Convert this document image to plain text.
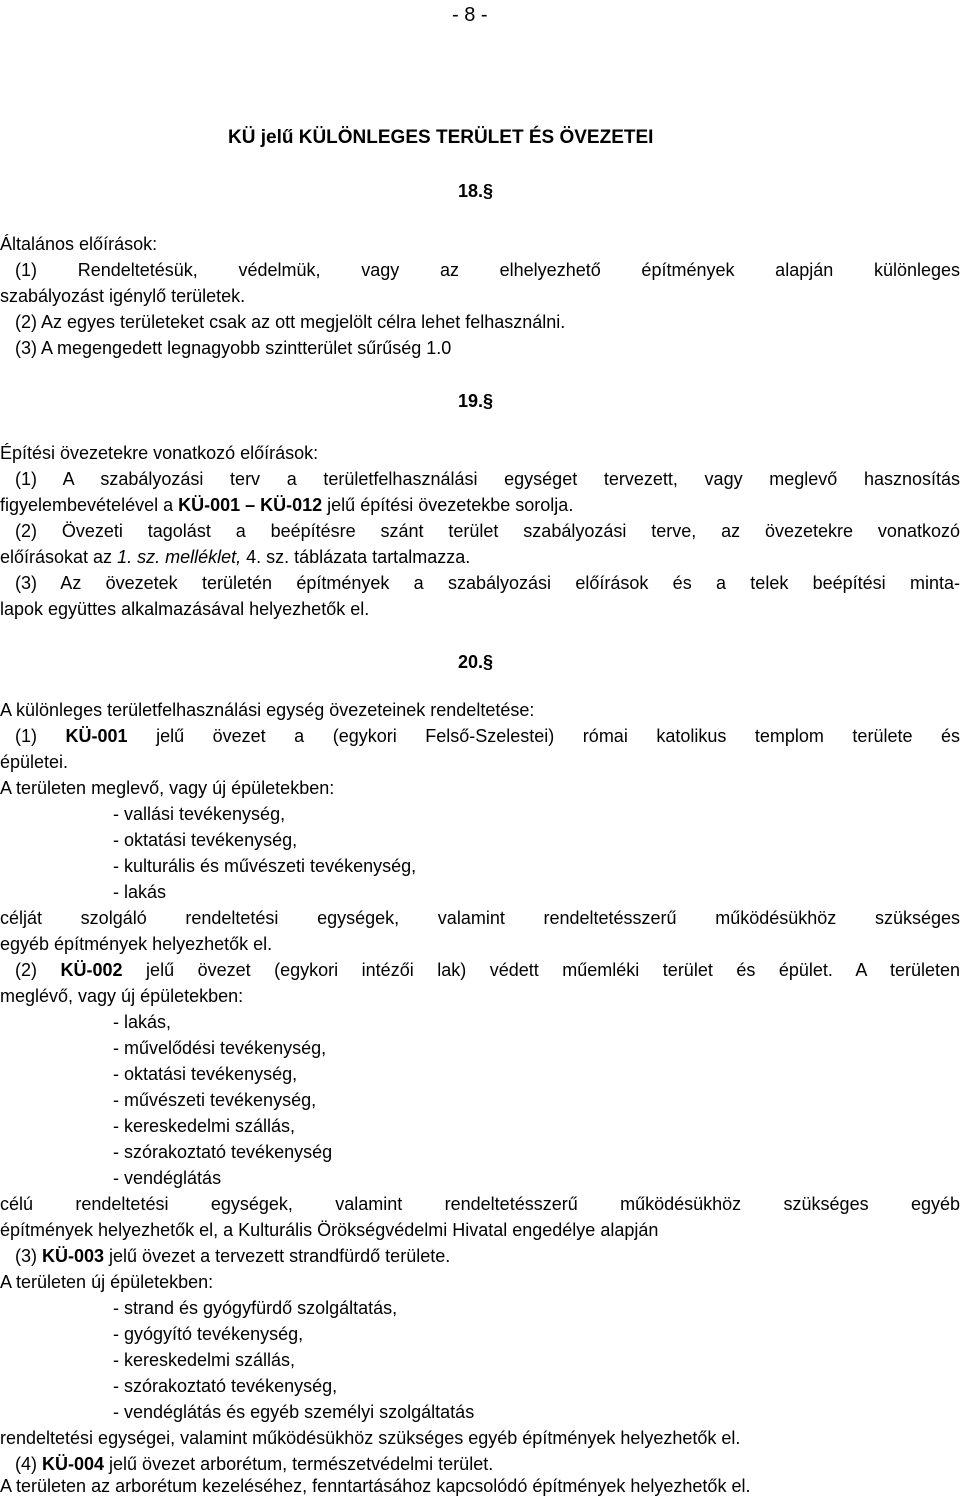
- 8 -
KÜ jelű KÜLÖNLEGES TERÜLET ÉS ÖVEZETEI
18.§
Általános előírások:
(1) Rendeltetésük, védelmük, vagy az elhelyezhető építmények alapján különleges
szabályozást igénylő területek.
(2) Az egyes területeket csak az ott megjelölt célra lehet felhasználni.
(3) A megengedett legnagyobb szintterület sűrűség 1.0
19.§
Építési övezetekre vonatkozó előírások:
(1) A szabályozási terv a területfelhasználási egységet tervezett, vagy meglevő hasznosítás
figyelembevételével a KÜ-001 – KÜ-012 jelű építési övezetekbe sorolja.
(2) Övezeti tagolást a beépítésre szánt terület szabályozási terve, az övezetekre vonatkozó
előírásokat az 1. sz. melléklet, 4. sz. táblázata tartalmazza.
(3) Az övezetek területén építmények a szabályozási előírások és a telek beépítési minta-
lapok együttes alkalmazásával helyezhetők el.
20.§
A különleges területfelhasználási egység övezeteinek rendeltetése:
(1) KÜ-001 jelű övezet a (egykori Felső-Szelestei) római katolikus templom területe és
épületei.
A területen meglevő, vagy új épületekben:
- vallási tevékenység,
- oktatási tevékenység,
- kulturális és művészeti tevékenység,
- lakás
célját szolgáló rendeltetési egységek, valamint rendeltetésszerű működésükhöz szükséges
egyéb építmények helyezhetők el.
(2) KÜ-002 jelű övezet (egykori intézői lak) védett műemléki terület és épület. A területen
meglévő, vagy új épületekben:
- lakás,
- művelődési tevékenység,
- oktatási tevékenység,
- művészeti tevékenység,
- kereskedelmi szállás,
- szórakoztató tevékenység
- vendéglátás
célú rendeltetési egységek, valamint rendeltetésszerű működésükhöz szükséges egyéb
építmények helyezhetők el, a Kulturális Örökségvédelmi Hivatal engedélye alapján
(3) KÜ-003 jelű övezet a tervezett strandfürdő területe.
A területen új épületekben:
- strand és gyógyfürdő szolgáltatás,
- gyógyító tevékenység,
- kereskedelmi szállás,
- szórakoztató tevékenység,
- vendéglátás és egyéb személyi szolgáltatás
rendeltetési egységei, valamint működésükhöz szükséges egyéb építmények helyezhetők el.
(4) KÜ-004 jelű övezet arborétum, természetvédelmi terület.
A területen az arborétum kezeléséhez, fenntartásához kapcsolódó építmények helyezhetők el.
